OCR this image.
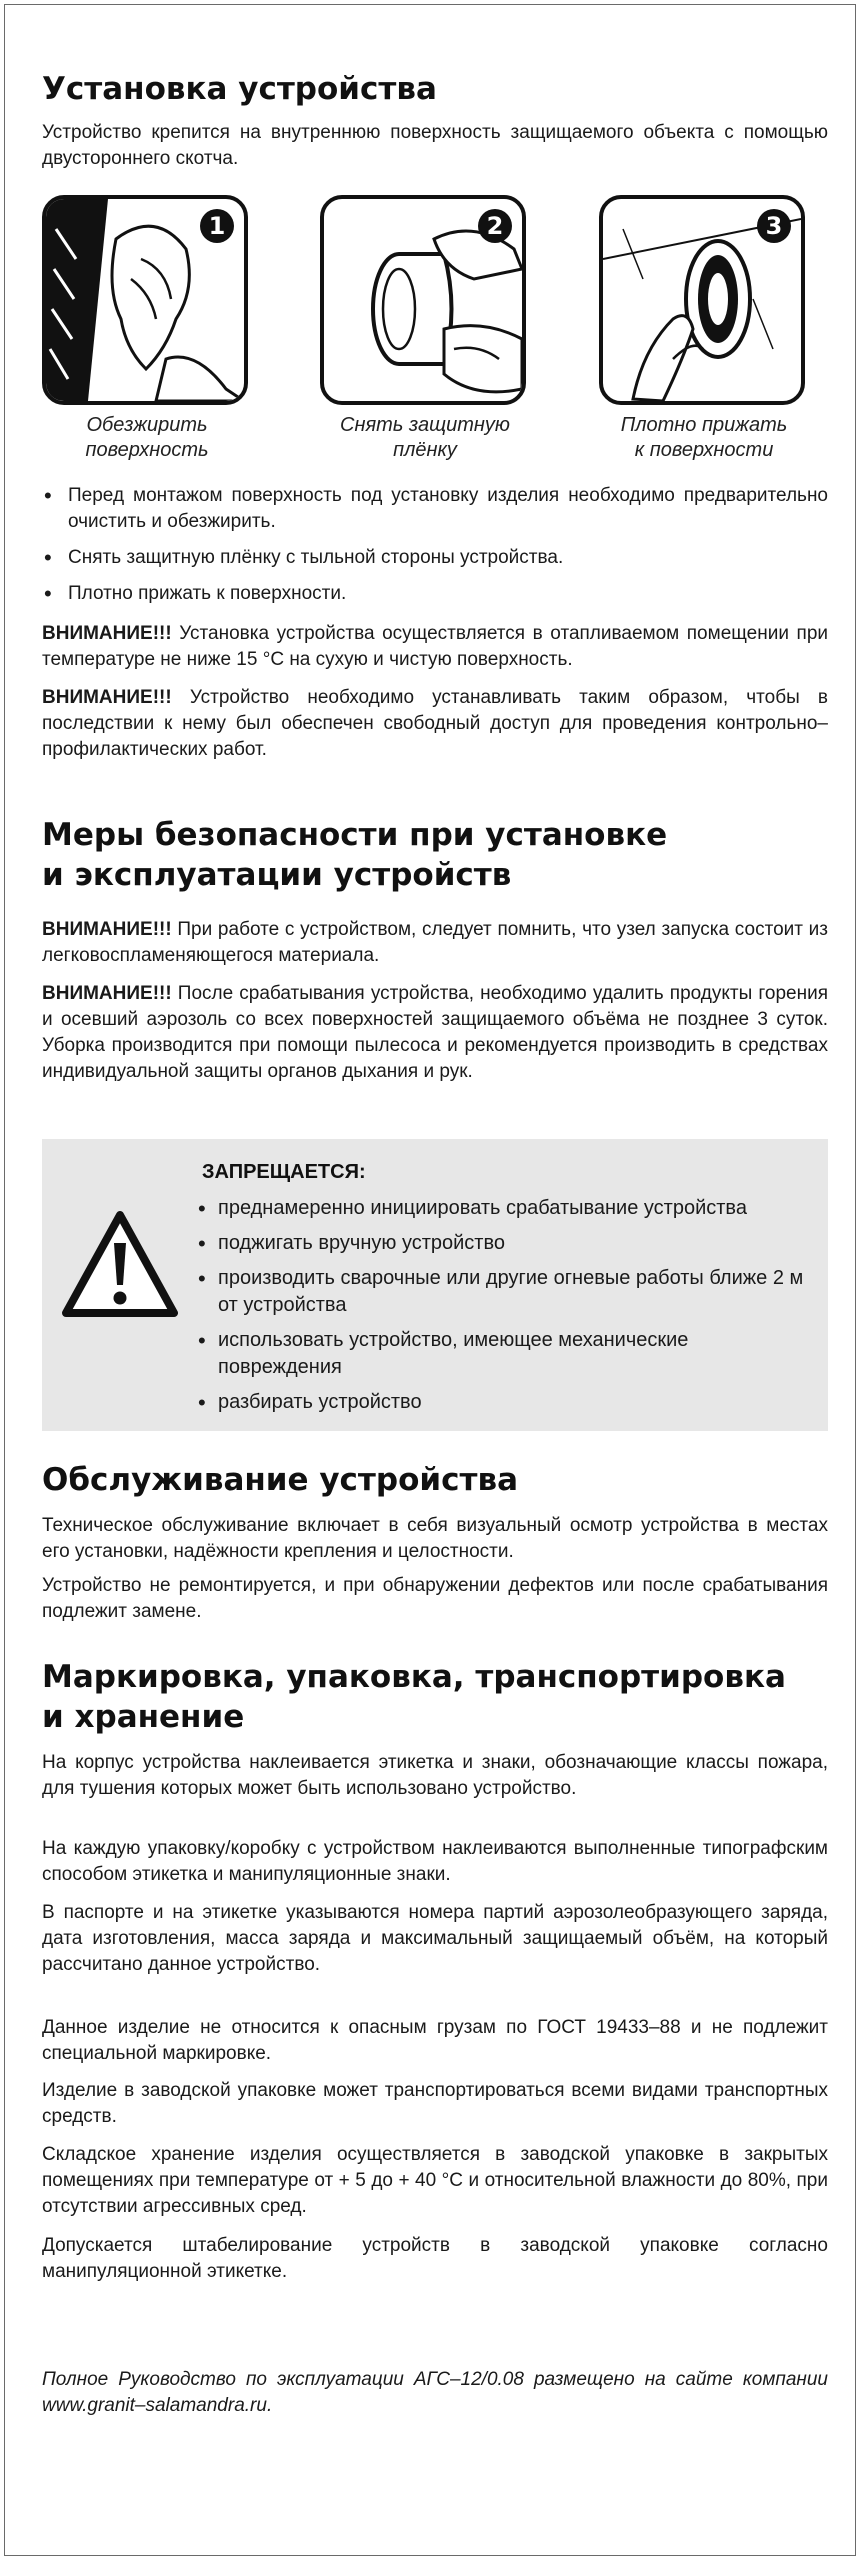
Установка устройства

Устройство крепится на внутреннюю поверхность защищаемого объекта с помощью двустороннего скотча.

1
Обезжирить
поверхность
2
Снять защитную плёнку
3
Плотно прижать
к поверхности
• Перед монтажом поверхность под установку изделия необходимо предварительно очистить и обезжирить.
• Снять защитную плёнку с тыльной стороны устройства.
• Плотно прижать к поверхности.

ВНИМАНИЕ!!! Установка устройства осуществляется в отапливаемом помещении при температуре не ниже 15 °С на сухую и чистую поверхность.

ВНИМАНИЕ!!! Устройство необходимо устанавливать таким образом, чтобы в последствии к нему был обеспечен свободный доступ для проведения контрольно–профилактических работ.

Меры безопасности при установке
и эксплуатации устройств

ВНИМАНИЕ!!! При работе с устройством, следует помнить, что узел запуска состоит из легковоспламеняющегося материала.

ВНИМАНИЕ!!! После срабатывания устройства, необходимо удалить продукты горения и осевший аэрозоль со всех поверхностей защищаемого объёма не позднее 3 суток. Уборка производится при помощи пылесоса и рекомендуется производить в средствах индивидуальной защиты органов дыхания и рук.

ЗАПРЕЩАЕТСЯ:
• преднамеренно инициировать срабатывание устройства
• поджигать вручную устройство
• производить сварочные или другие огневые работы ближе 2 м от устройства
• использовать устройство, имеющее механические повреждения
• разбирать устройство
Обслуживание устройства

Техническое обслуживание включает в себя визуальный осмотр устройства в местах его установки, надёжности крепления и целостности.

Устройство не ремонтируется, и при обнаружении дефектов или после срабатывания подлежит замене.

Маркировка, упаковка, транспортировка
и хранение

На корпус устройства наклеивается этикетка и знаки, обозначающие классы пожара, для тушения которых может быть использовано устройство.

На каждую упаковку/коробку с устройством наклеиваются выполненные типографским способом этикетка и манипуляционные знаки.

В паспорте и на этикетке указываются номера партий аэрозолеобразующего заряда, дата изготовления, масса заряда и максимальный защищаемый объём, на который рассчитано данное устройство.

Данное изделие не относится к опасным грузам по ГОСТ 19433–88 и не подлежит специальной маркировке.

Изделие в заводской упаковке может транспортироваться всеми видами транспортных средств.

Складское хранение изделия осуществляется в заводской упаковке в закрытых помещениях при температуре от + 5 до + 40 °С и относительной влажности до 80%, при отсутствии агрессивных сред.

Допускается штабелирование устройств в заводской упаковке согласно манипуляционной этикетке.

Полное Руководство по эксплуатации АГС–12/0.08 размещено на сайте компании www.granit–salamandra.ru.
